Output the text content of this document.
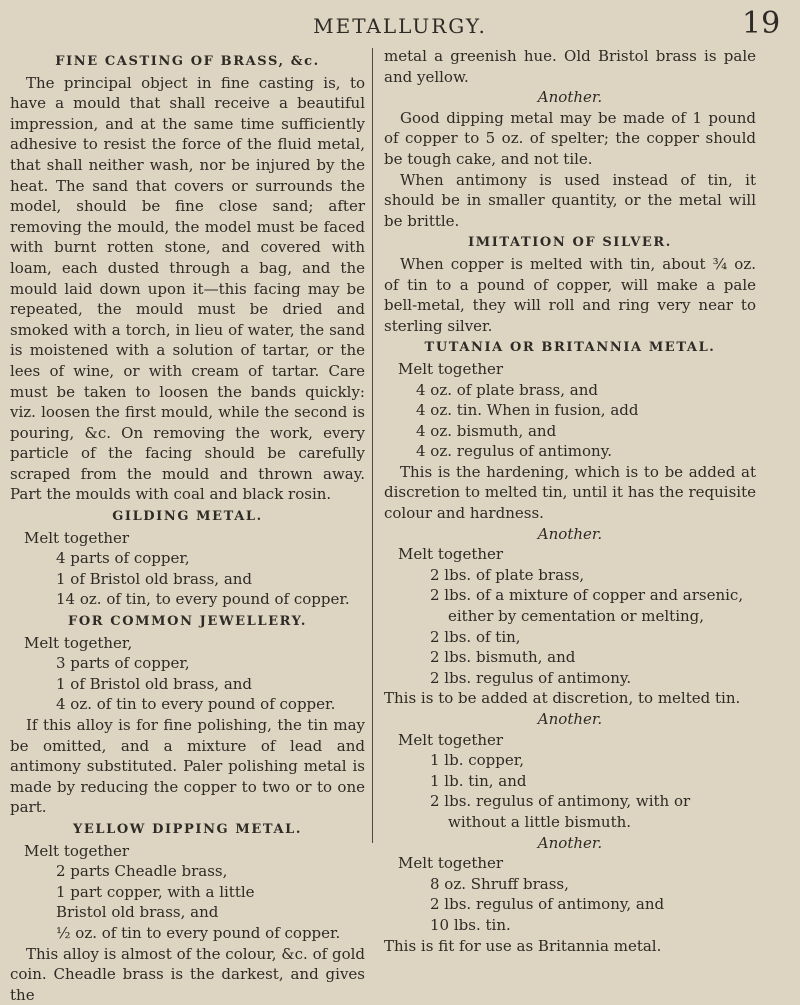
METALLURGY.	19

FINE CASTING OF BRASS, &c.

The principal object in fine casting is, to have a mould that shall receive a beautiful impression, and at the same time sufficiently adhesive to resist the force of the fluid metal, that shall neither wash, nor be injured by the heat. The sand that covers or surrounds the model, should be fine close sand; after removing the mould, the model must be faced with burnt rotten stone, and covered with loam, each dusted through a bag, and the mould laid down upon it—this facing may be repeated, the mould must be dried and smoked with a torch, in lieu of water, the sand is moistened with a solution of tartar, or the lees of wine, or with cream of tartar. Care must be taken to loosen the bands quickly: viz. loosen the first mould, while the second is pouring, &c. On removing the work, every particle of the facing should be carefully scraped from the mould and thrown away. Part the moulds with coal and black rosin.

GILDING METAL.

Melt together

4 parts of copper,

1 of Bristol old brass, and

14 oz. of tin, to every pound of copper.

FOR COMMON JEWELLERY.

Melt together,

3 parts of copper,

1 of Bristol old brass, and

4 oz. of tin to every pound of copper.

If this alloy is for fine polishing, the tin may be omitted, and a mixture of lead and antimony substituted. Paler polishing metal is made by reducing the copper to two or to one part.

YELLOW DIPPING METAL.

Melt together

2 parts Cheadle brass,

1 part copper, with a little

Bristol old brass, and

½ oz. of tin to every pound of copper.

This alloy is almost of the colour, &c. of gold coin. Cheadle brass is the darkest, and gives the

metal a greenish hue. Old Bristol brass is pale and yellow.

Another.

Good dipping metal may be made of 1 pound of copper to 5 oz. of spelter; the copper should be tough cake, and not tile.

When antimony is used instead of tin, it should be in smaller quantity, or the metal will be brittle.

IMITATION OF SILVER.

When copper is melted with tin, about ¾ oz. of tin to a pound of copper, will make a pale bell-metal, they will roll and ring very near to sterling silver.

TUTANIA OR BRITANNIA METAL.

Melt together

4 oz. of plate brass, and

4 oz. tin. When in fusion, add

4 oz. bismuth, and

4 oz. regulus of antimony.

This is the hardening, which is to be added at discretion to melted tin, until it has the requisite colour and hardness.

Another.

Melt together

2 lbs. of plate brass,

2 lbs. of a mixture of copper and arsenic,

either by cementation or melting,

2 lbs. of tin,

2 lbs. bismuth, and

2 lbs. regulus of antimony.

This is to be added at discretion, to melted tin.

Another.

Melt together

1 lb. copper,

1 lb. tin, and

2 lbs. regulus of antimony, with or

without a little bismuth.

Another.

Melt together

8 oz. Shruff brass,

2 lbs. regulus of antimony, and

10 lbs. tin.

This is fit for use as Britannia metal.
